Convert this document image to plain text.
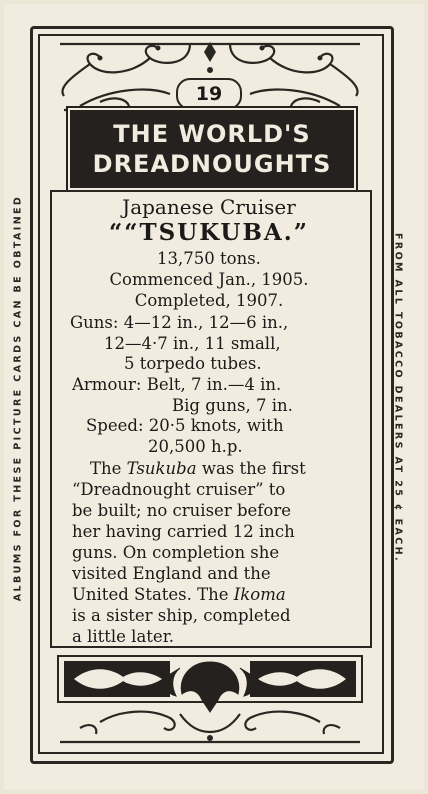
ALBUMS FOR THESE PICTURE CARDS CAN BE OBTAINED	FROM ALL TOBACCO DEALERS AT 25 ¢ EACH.
19
THE WORLD'S
DREADNOUGHTS
Japanese Cruiser
““TSUKUBA.”
13,750 tons.
Commenced Jan., 1905.
Completed, 1907.
Guns: 4—12 in., 12—6 in.,
12—4·7 in., 11 small,
5 torpedo tubes.
Armour: Belt, 7 in.—4 in.
Big guns, 7 in.
Speed: 20·5 knots, with
20,500 h.p.
The Tsukuba was the first
“Dreadnought cruiser” to
be built; no cruiser before
her having carried 12 inch
guns. On completion she
visited England and the
United States. The Ikoma
is a sister ship, completed
a little later.
